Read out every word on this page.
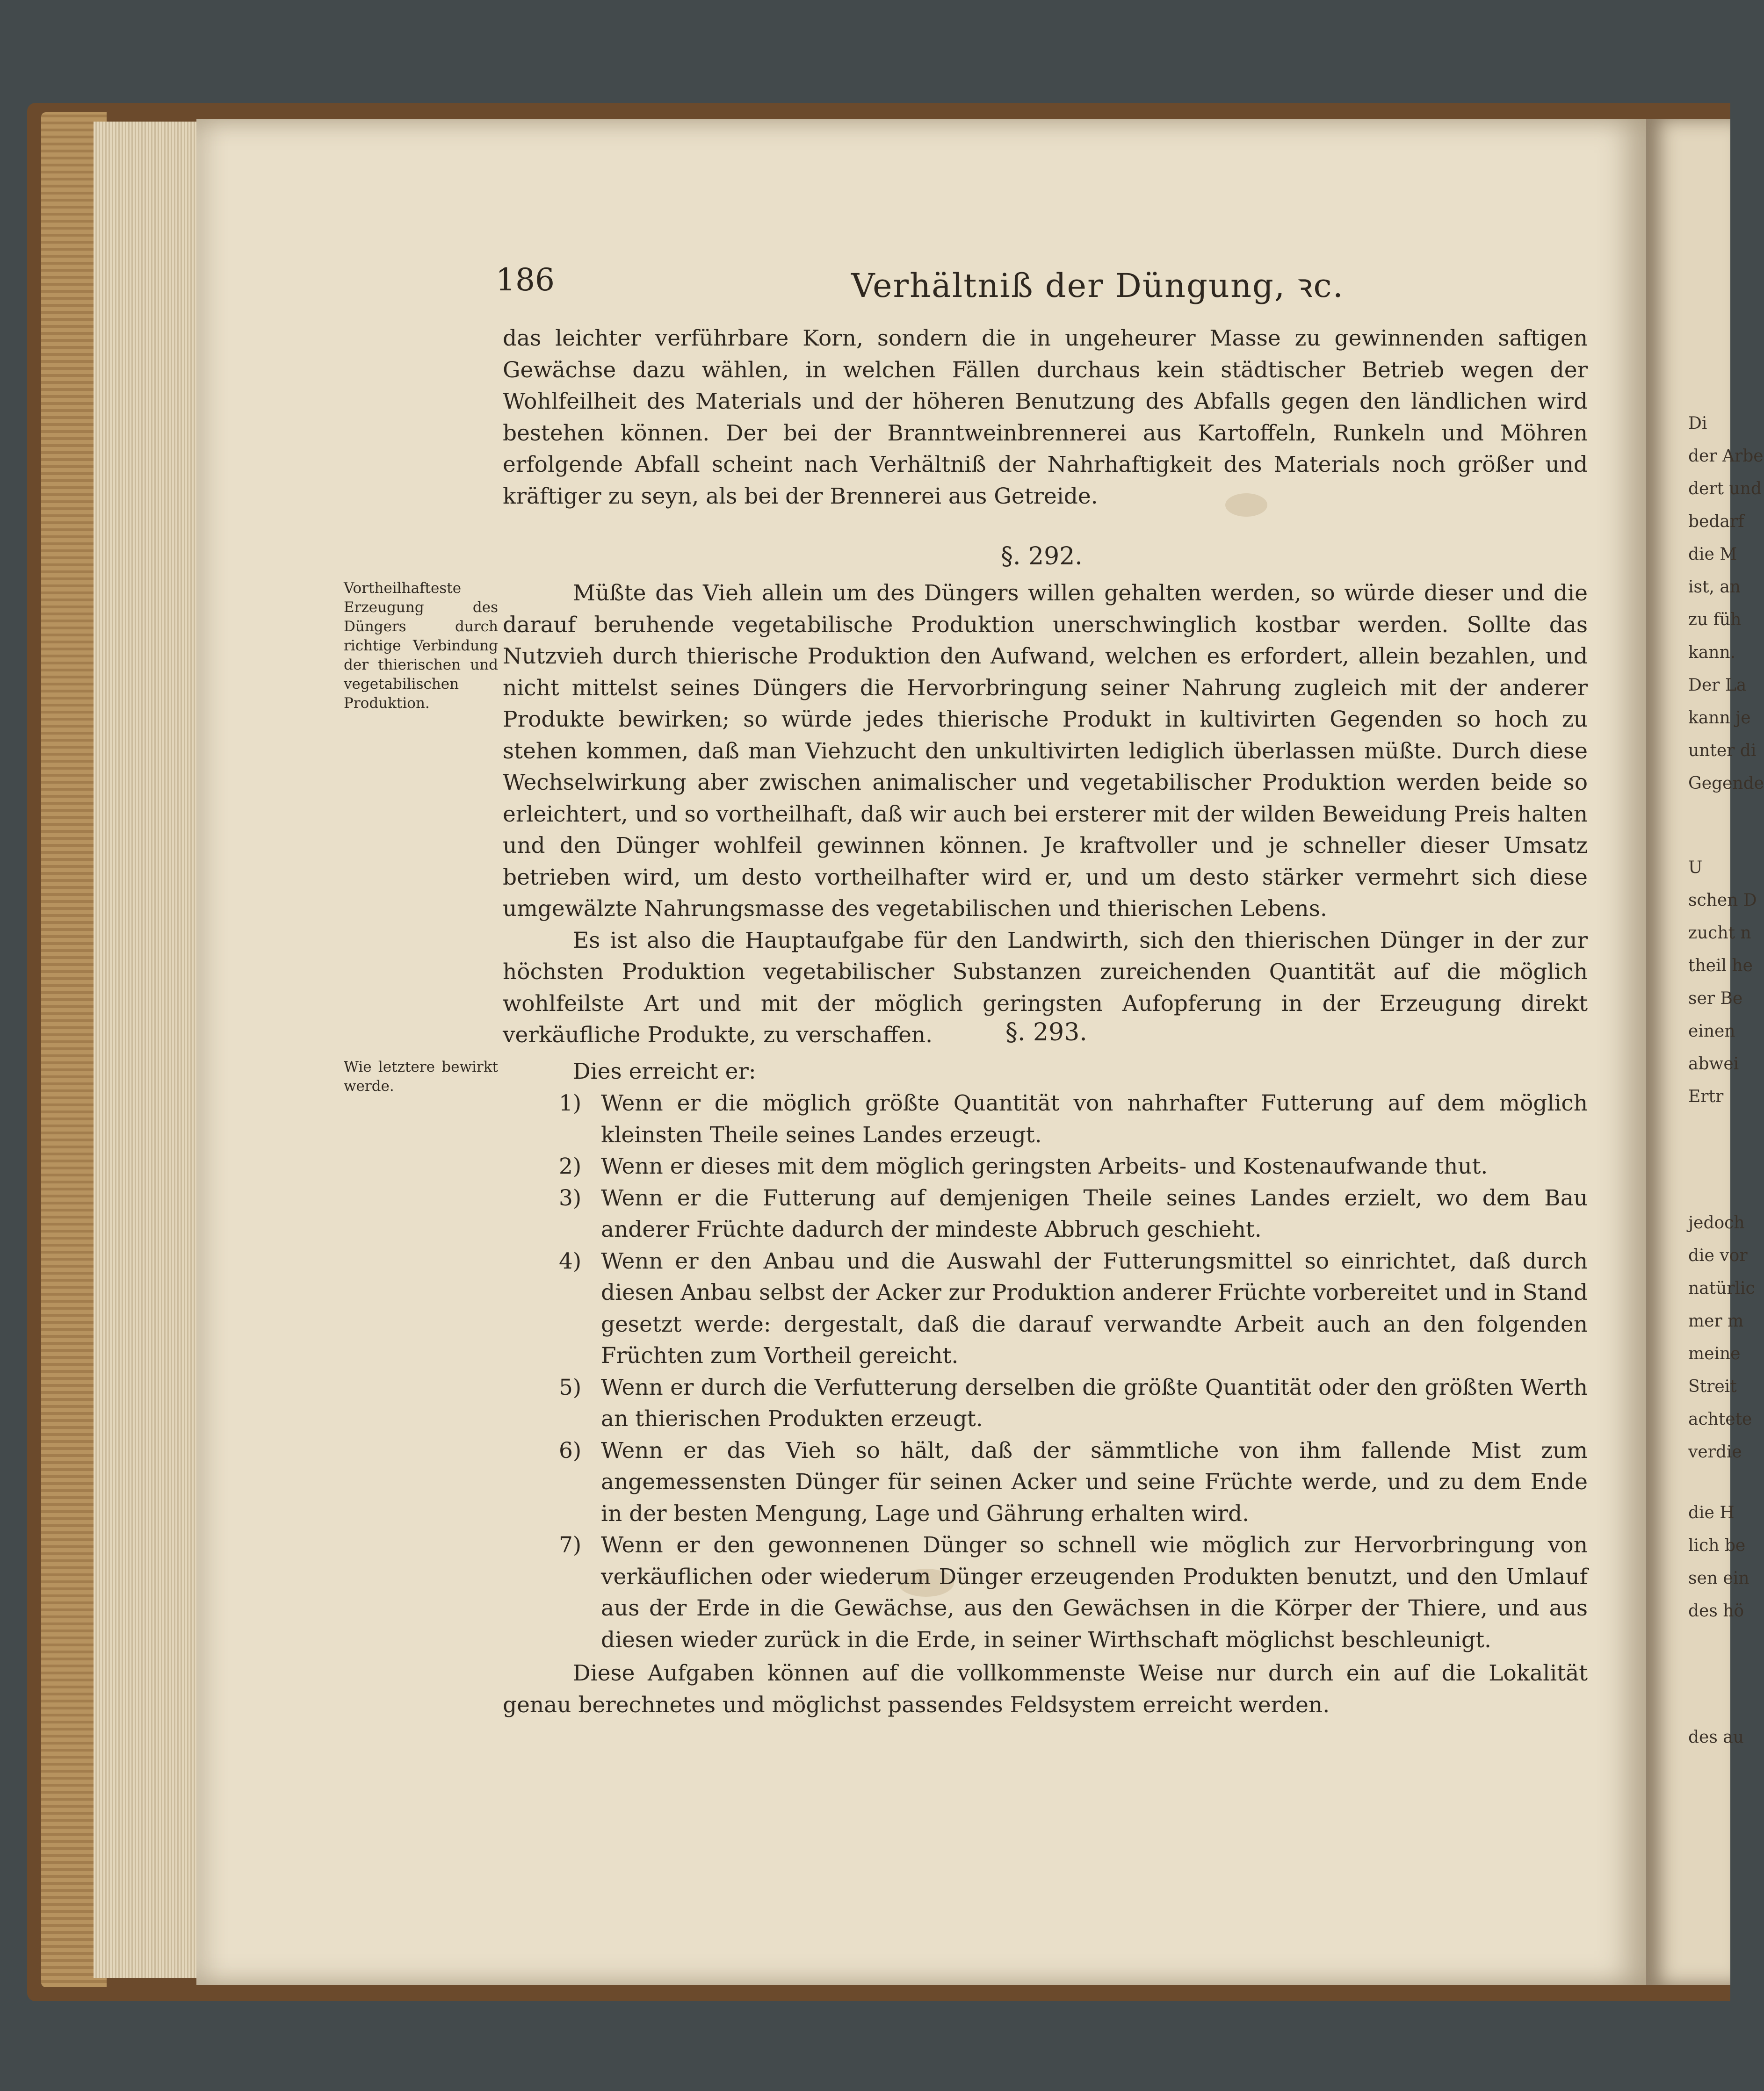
Di
der Arbe
dert und
bedarf
die M
ist, an
zu füh
kann.
Der La
kann je
unter di
Gegende
U
schen D
zucht n
theil he
ser Be
einen
abwei
Ertr
jedoch
die vor
natürlic
mer m
meine
Streit
achtete
verdie
die H
lich be
sen ein
des hö
des au
186	Verhältniß der Düngung, ꝛc.

das leichter verführbare Korn, sondern die in ungeheurer Masse zu gewinnenden saftigen Gewächse dazu wählen, in welchen Fällen durchaus kein städtischer Betrieb wegen der Wohlfeilheit des Materials und der höheren Benutzung des Abfalls gegen den ländlichen wird bestehen können. Der bei der Branntweinbrennerei aus Kartoffeln, Runkeln und Möhren erfolgende Abfall scheint nach Verhältniß der Nahrhaftigkeit des Materials noch größer und kräftiger zu seyn, als bei der Brennerei aus Getreide.

§. 292.
Vortheilhafteste Erzeugung des Düngers durch richtige Verbindung der thierischen und vegetabilischen Produktion.

Müßte das Vieh allein um des Düngers willen gehalten werden, so würde dieser und die darauf beruhende vegetabilische Produktion unerschwinglich kostbar werden. Sollte das Nutzvieh durch thierische Produktion den Aufwand, welchen es erfordert, allein bezahlen, und nicht mittelst seines Düngers die Hervorbringung seiner Nahrung zugleich mit der anderer Produkte bewirken; so würde jedes thierische Produkt in kultivirten Gegenden so hoch zu stehen kommen, daß man Viehzucht den unkultivirten lediglich überlassen müßte. Durch diese Wechselwirkung aber zwischen animalischer und vegetabilischer Produktion werden beide so erleichtert, und so vortheilhaft, daß wir auch bei ersterer mit der wilden Beweidung Preis halten und den Dünger wohlfeil gewinnen können. Je kraftvoller und je schneller dieser Umsatz betrieben wird, um desto vortheilhafter wird er, und um desto stärker vermehrt sich diese umgewälzte Nahrungsmasse des vegetabilischen und thierischen Lebens.

Es ist also die Hauptaufgabe für den Landwirth, sich den thierischen Dünger in der zur höchsten Produktion vegetabilischer Substanzen zureichenden Quantität auf die möglich wohlfeilste Art und mit der möglich geringsten Aufopferung in der Erzeugung direkt verkäufliche Produkte, zu verschaffen.	§. 293.
Wie letztere bewirkt werde.

Dies erreicht er:

1) Wenn er die möglich größte Quantität von nahrhafter Futterung auf dem möglich kleinsten Theile seines Landes erzeugt.
2) Wenn er dieses mit dem möglich geringsten Arbeits- und Kostenaufwande thut.
3) Wenn er die Futterung auf demjenigen Theile seines Landes erzielt, wo dem Bau anderer Früchte dadurch der mindeste Abbruch geschieht.
4) Wenn er den Anbau und die Auswahl der Futterungsmittel so einrichtet, daß durch diesen Anbau selbst der Acker zur Produktion anderer Früchte vorbereitet und in Stand gesetzt werde: dergestalt, daß die darauf verwandte Arbeit auch an den folgenden Früchten zum Vortheil gereicht.
5) Wenn er durch die Verfutterung derselben die größte Quantität oder den größten Werth an thierischen Produkten erzeugt.
6) Wenn er das Vieh so hält, daß der sämmtliche von ihm fallende Mist zum angemessensten Dünger für seinen Acker und seine Früchte werde, und zu dem Ende in der besten Mengung, Lage und Gährung erhalten wird.
7) Wenn er den gewonnenen Dünger so schnell wie möglich zur Hervorbringung von verkäuflichen oder wiederum Dünger erzeugenden Produkten benutzt, und den Umlauf aus der Erde in die Gewächse, aus den Gewächsen in die Körper der Thiere, und aus diesen wieder zurück in die Erde, in seiner Wirthschaft möglichst beschleunigt.

Diese Aufgaben können auf die vollkommenste Weise nur durch ein auf die Lokalität genau berechnetes und möglichst passendes Feldsystem erreicht werden.
